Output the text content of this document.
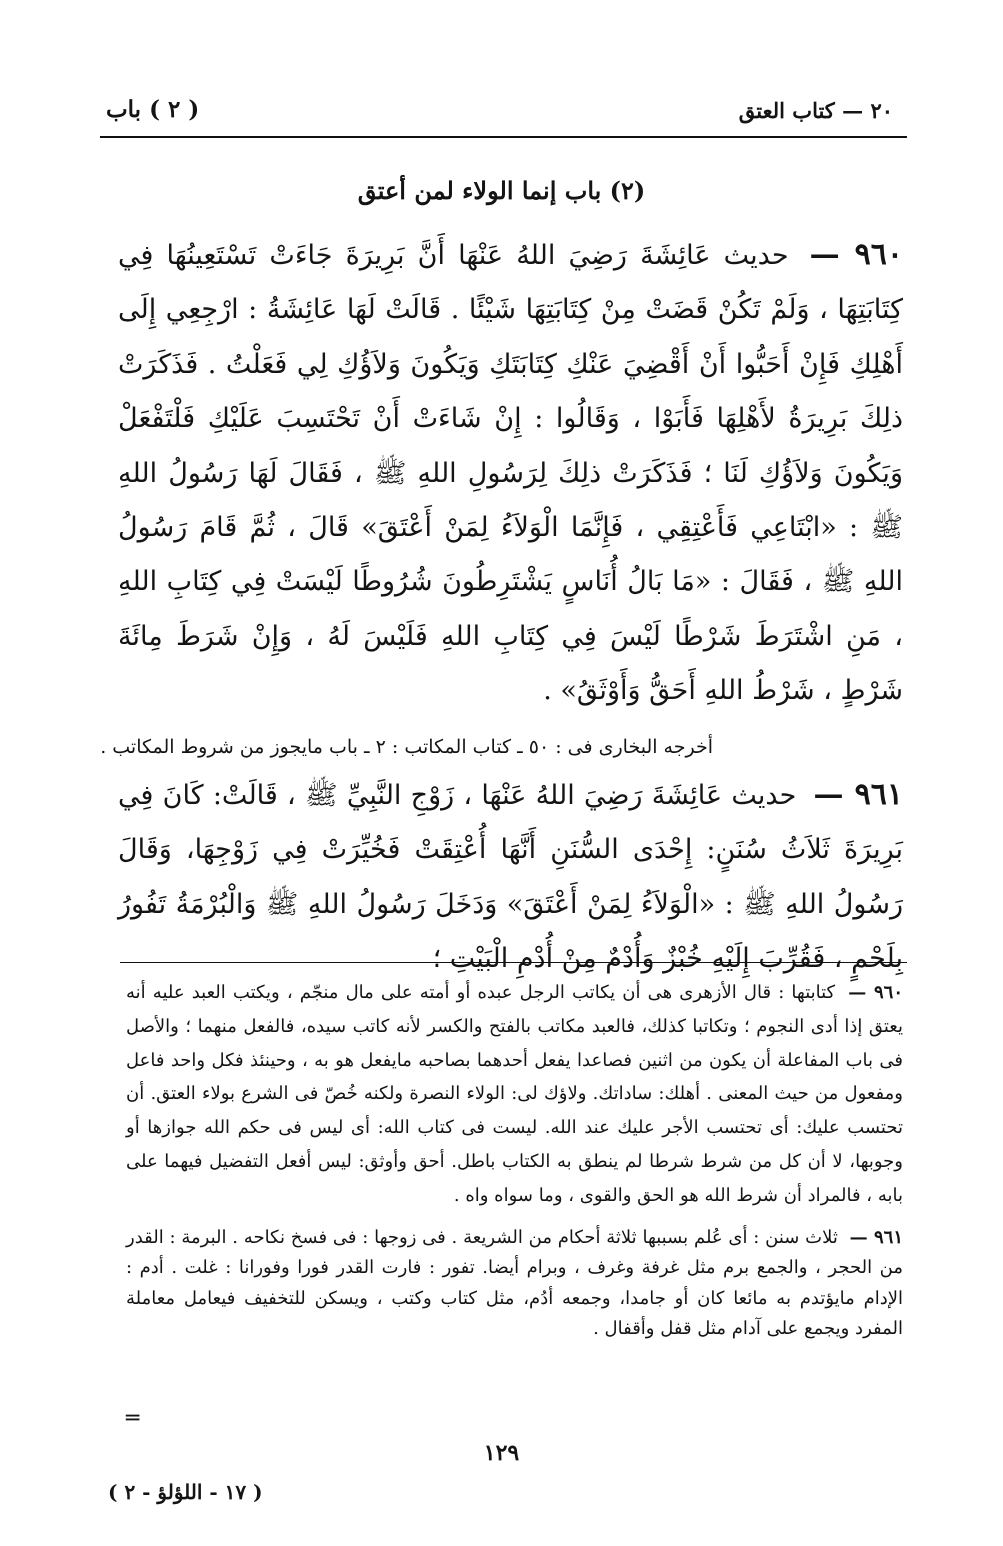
( ٢ ) باب	٢٠ — كتاب العتق
(٢) باب إنما الولاء لمن أعتق
٩٦٠ — حديث عَائِشَةَ رَضِيَ اللهُ عَنْهَا أَنَّ بَرِيرَةَ جَاءَتْ تَسْتَعِينُهَا فِي كِتَابَتِهَا ، وَلَمْ تَكُنْ قَضَتْ مِنْ كِتَابَتِهَا شَيْئًا . قَالَتْ لَهَا عَائِشَةُ : ارْجِعِي إِلَى أَهْلِكِ فَإِنْ أَحَبُّوا أَنْ أَقْضِيَ عَنْكِ كِتَابَتَكِ وَيَكُونَ وَلاَؤُكِ لِي فَعَلْتُ . فَذَكَرَتْ ذلِكَ بَرِيرَةُ لأَهْلِهَا فَأَبَوْا ، وَقَالُوا : إِنْ شَاءَتْ أَنْ تَحْتَسِبَ عَلَيْكِ فَلْتَفْعَلْ وَيَكُونَ وَلاَؤُكِ لَنَا ؛ فَذَكَرَتْ ذلِكَ لِرَسُولِ اللهِ ﷺ ، فَقَالَ لَهَا رَسُولُ اللهِ ﷺ : «ابْتَاعِي فَأَعْتِقِي ، فَإِنَّمَا الْوَلاَءُ لِمَنْ أَعْتَقَ» قَالَ ، ثُمَّ قَامَ رَسُولُ اللهِ ﷺ ، فَقَالَ : «مَا بَالُ أُنَاسٍ يَشْتَرِطُونَ شُرُوطًا لَيْسَتْ فِي كِتَابِ اللهِ ، مَنِ اشْتَرَطَ شَرْطًا لَيْسَ فِي كِتَابِ اللهِ فَلَيْسَ لَهُ ، وَإِنْ شَرَطَ مِائَةَ شَرْطٍ ، شَرْطُ اللهِ أَحَقُّ وَأَوْثَقُ» .
أخرجه البخارى فى : ٥٠ ـ كتاب المكاتب : ٢ ـ باب مايجوز من شروط المكاتب .
٩٦١ — حديث عَائِشَةَ رَضِيَ اللهُ عَنْهَا ، زَوْجِ النَّبِيِّ ﷺ ، قَالَتْ: كَانَ فِي بَرِيرَةَ ثَلاَثُ سُنَنٍ: إِحْدَى السُّنَنِ أَنَّهَا أُعْتِقَتْ فَخُيِّرَتْ فِي زَوْجِهَا، وَقَالَ رَسُولُ اللهِ ﷺ : «الْوَلاَءُ لِمَنْ أَعْتَقَ» وَدَخَلَ رَسُولُ اللهِ ﷺ وَالْبُرْمَةُ تَفُورُ بِلَحْمٍ ، فَقُرِّبَ إِلَيْهِ خُبْزٌ وَأُدْمٌ مِنْ أُدْمِ الْبَيْتِ ؛
٩٦٠ — كتابتها : قال الأزهرى هى أن يكاتب الرجل عبده أو أمته على مال منجّم ، ويكتب العبد عليه أنه يعتق إذا أدى النجوم ؛ وتكاتبا كذلك، فالعبد مكاتب بالفتح والكسر لأنه كاتب سيده، فالفعل منهما ؛ والأصل فى باب المفاعلة أن يكون من اثنين فصاعدا يفعل أحدهما بصاحبه مايفعل هو به ، وحينئذ فكل واحد فاعل ومفعول من حيث المعنى . أهلك: ساداتك. ولاؤك لى: الولاء النصرة ولكنه خُصّ فى الشرع بولاء العتق. أن تحتسب عليك: أى تحتسب الأجر عليك عند الله. ليست فى كتاب الله: أى ليس فى حكم الله جوازها أو وجوبها، لا أن كل من شرط شرطا لم ينطق به الكتاب باطل. أحق وأوثق: ليس أفعل التفضيل فيهما على بابه ، فالمراد أن شرط الله هو الحق والقوى ، وما سواه واه .
٩٦١ — ثلاث سنن : أى عُلم بسببها ثلاثة أحكام من الشريعة . فى زوجها : فى فسخ نكاحه . البرمة : القدر من الحجر ، والجمع برم مثل غرفة وغرف ، وبرام أيضا. تفور : فارت القدر فورا وفورانا : غلت . أدم : الإدام مايؤتدم به مائعا كان أو جامدا، وجمعه أدُم، مثل كتاب وكتب ، ويسكن للتخفيف فيعامل معاملة المفرد ويجمع على آدام مثل قفل وأقفال .
═
١٢٩
( ١٧ - اللؤلؤ - ٢ )
